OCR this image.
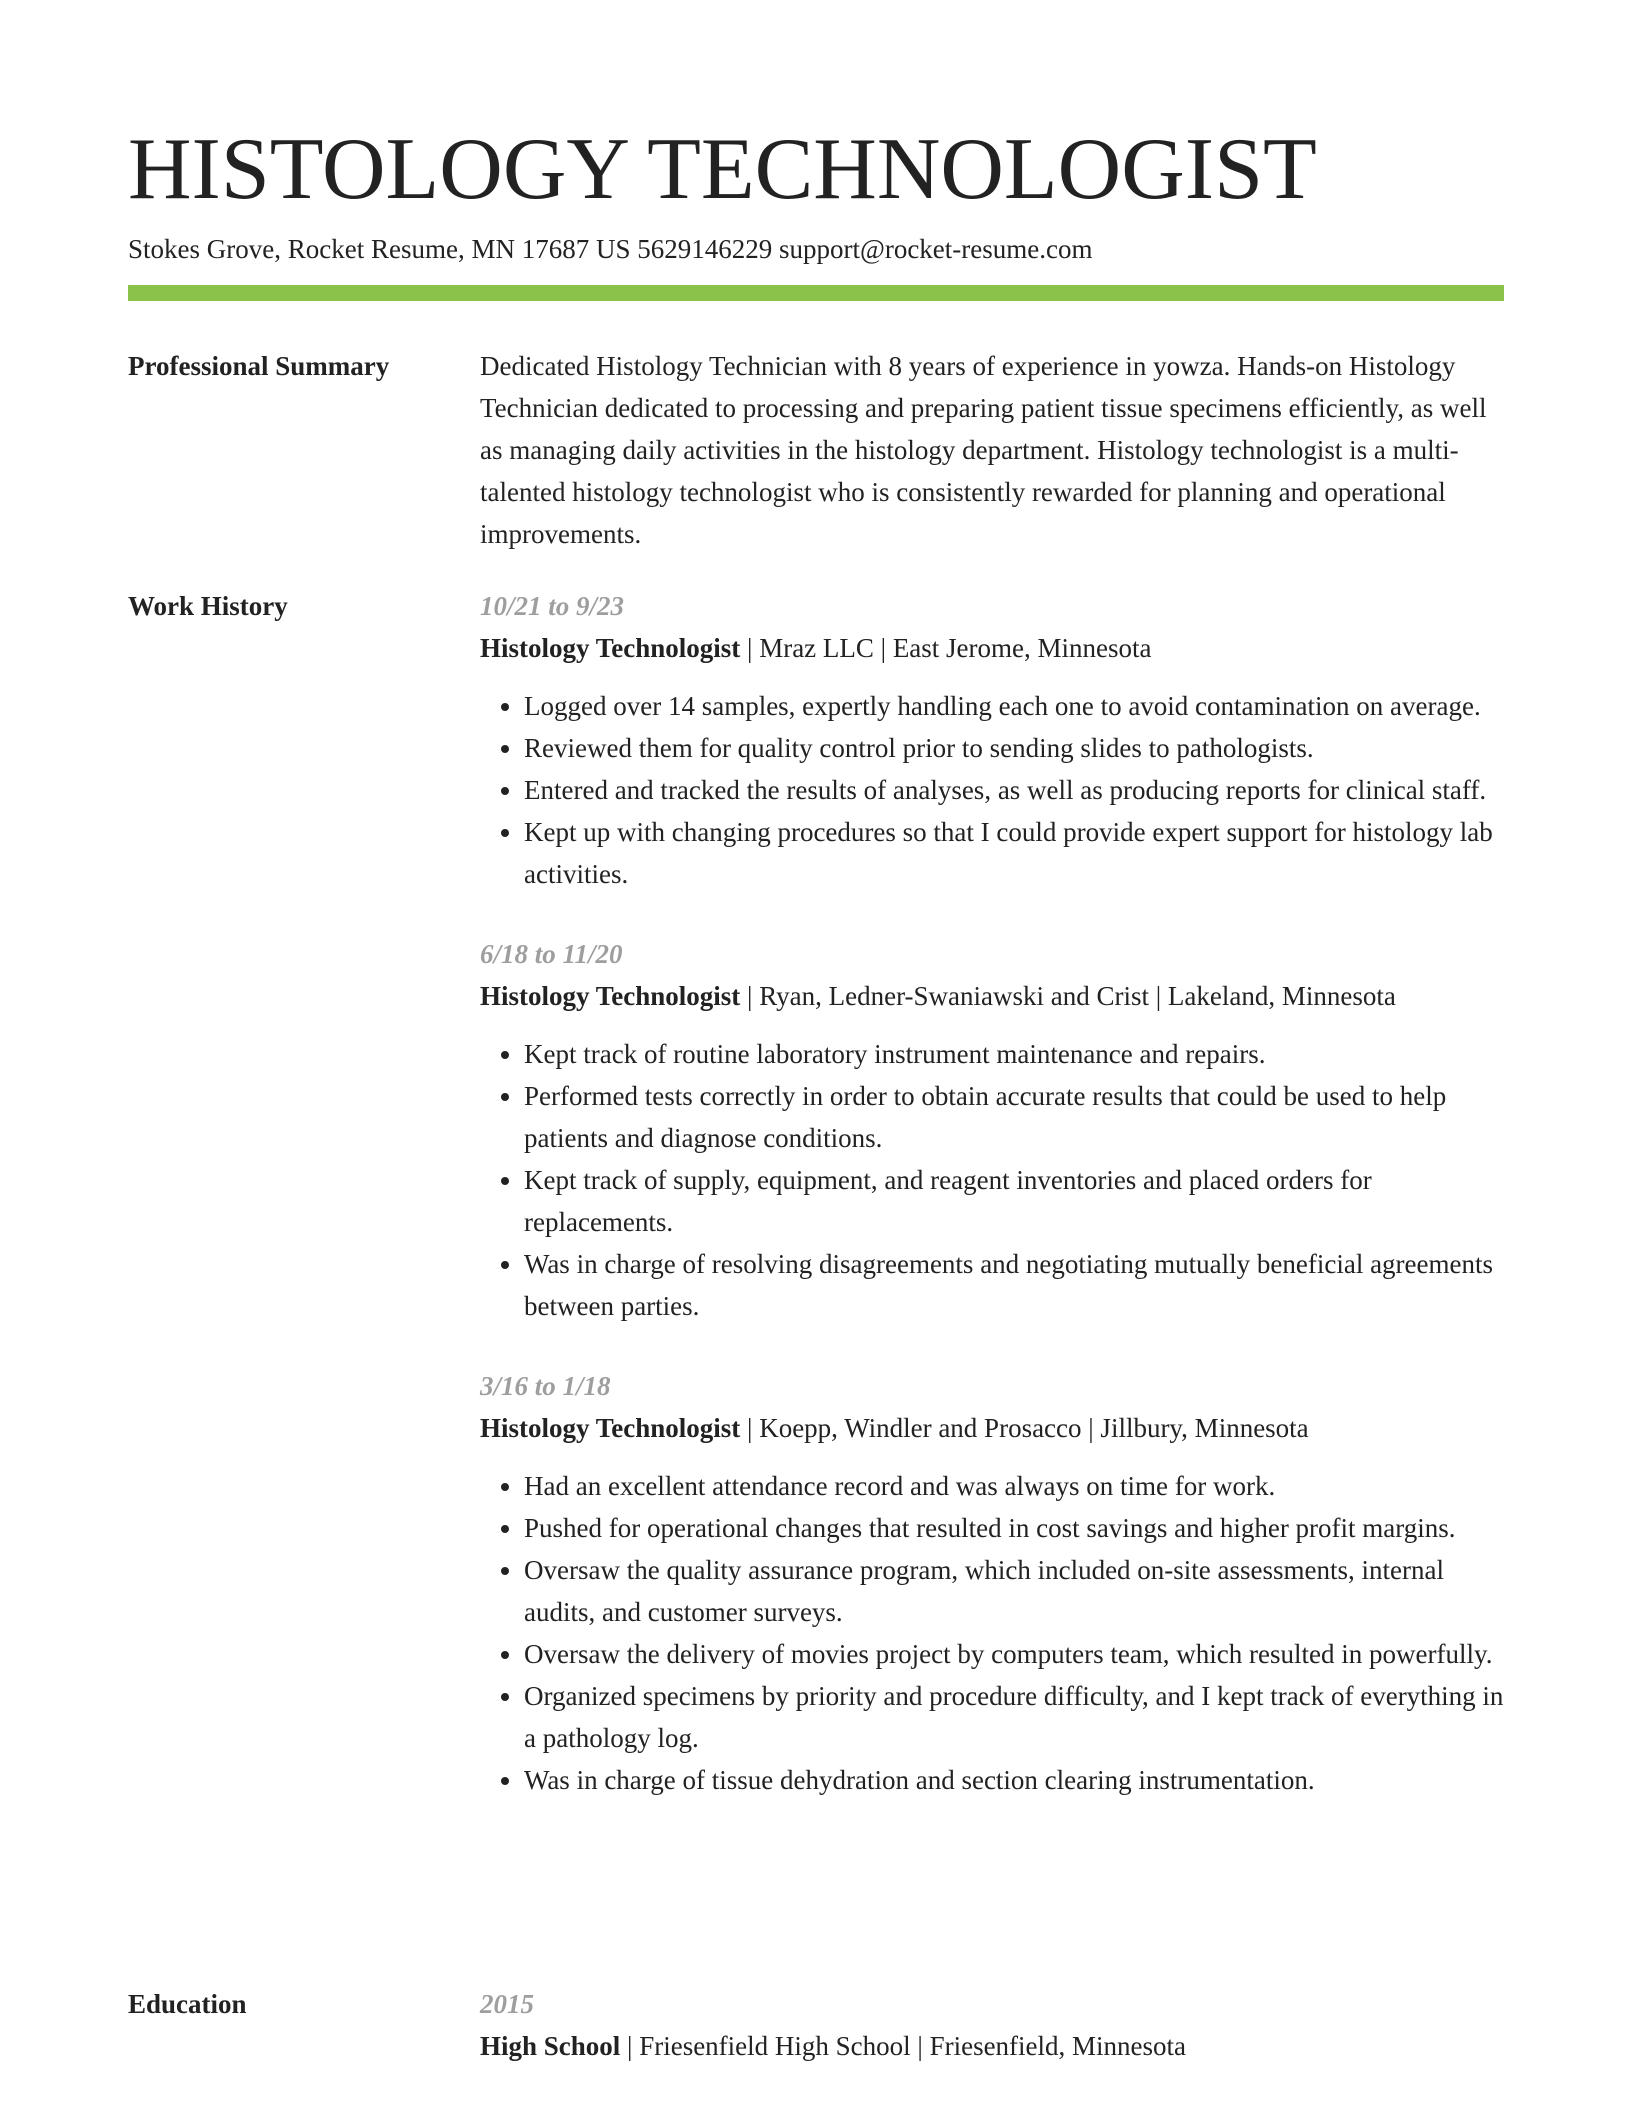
HISTOLOGY TECHNOLOGIST
Stokes Grove, Rocket Resume, MN 17687 US 5629146229 support@rocket-resume.com
Professional Summary	Dedicated Histology Technician with 8 years of experience in yowza. Hands-on Histology Technician dedicated to processing and preparing patient tissue specimens efficiently, as well as managing daily activities in the histology department. Histology technologist is a multi-talented histology technologist who is consistently rewarded for planning and operational improvements.

Work History	10/21 to 9/23
Histology Technologist | Mraz LLC | East Jerome, Minnesota
• Logged over 14 samples, expertly handling each one to avoid contamination on average.
• Reviewed them for quality control prior to sending slides to pathologists.
• Entered and tracked the results of analyses, as well as producing reports for clinical staff.
• Kept up with changing procedures so that I could provide expert support for histology lab activities.
6/18 to 11/20
Histology Technologist | Ryan, Ledner-Swaniawski and Crist | Lakeland, Minnesota
• Kept track of routine laboratory instrument maintenance and repairs.
• Performed tests correctly in order to obtain accurate results that could be used to help patients and diagnose conditions.
• Kept track of supply, equipment, and reagent inventories and placed orders for replacements.
• Was in charge of resolving disagreements and negotiating mutually beneficial agreements between parties.
3/16 to 1/18
Histology Technologist | Koepp, Windler and Prosacco | Jillbury, Minnesota
• Had an excellent attendance record and was always on time for work.
• Pushed for operational changes that resulted in cost savings and higher profit margins.
• Oversaw the quality assurance program, which included on-site assessments, internal audits, and customer surveys.
• Oversaw the delivery of movies project by computers team, which resulted in powerfully.
• Organized specimens by priority and procedure difficulty, and I kept track of everything in a pathology log.
• Was in charge of tissue dehydration and section clearing instrumentation.
Education	2015
High School | Friesenfield High School | Friesenfield, Minnesota
